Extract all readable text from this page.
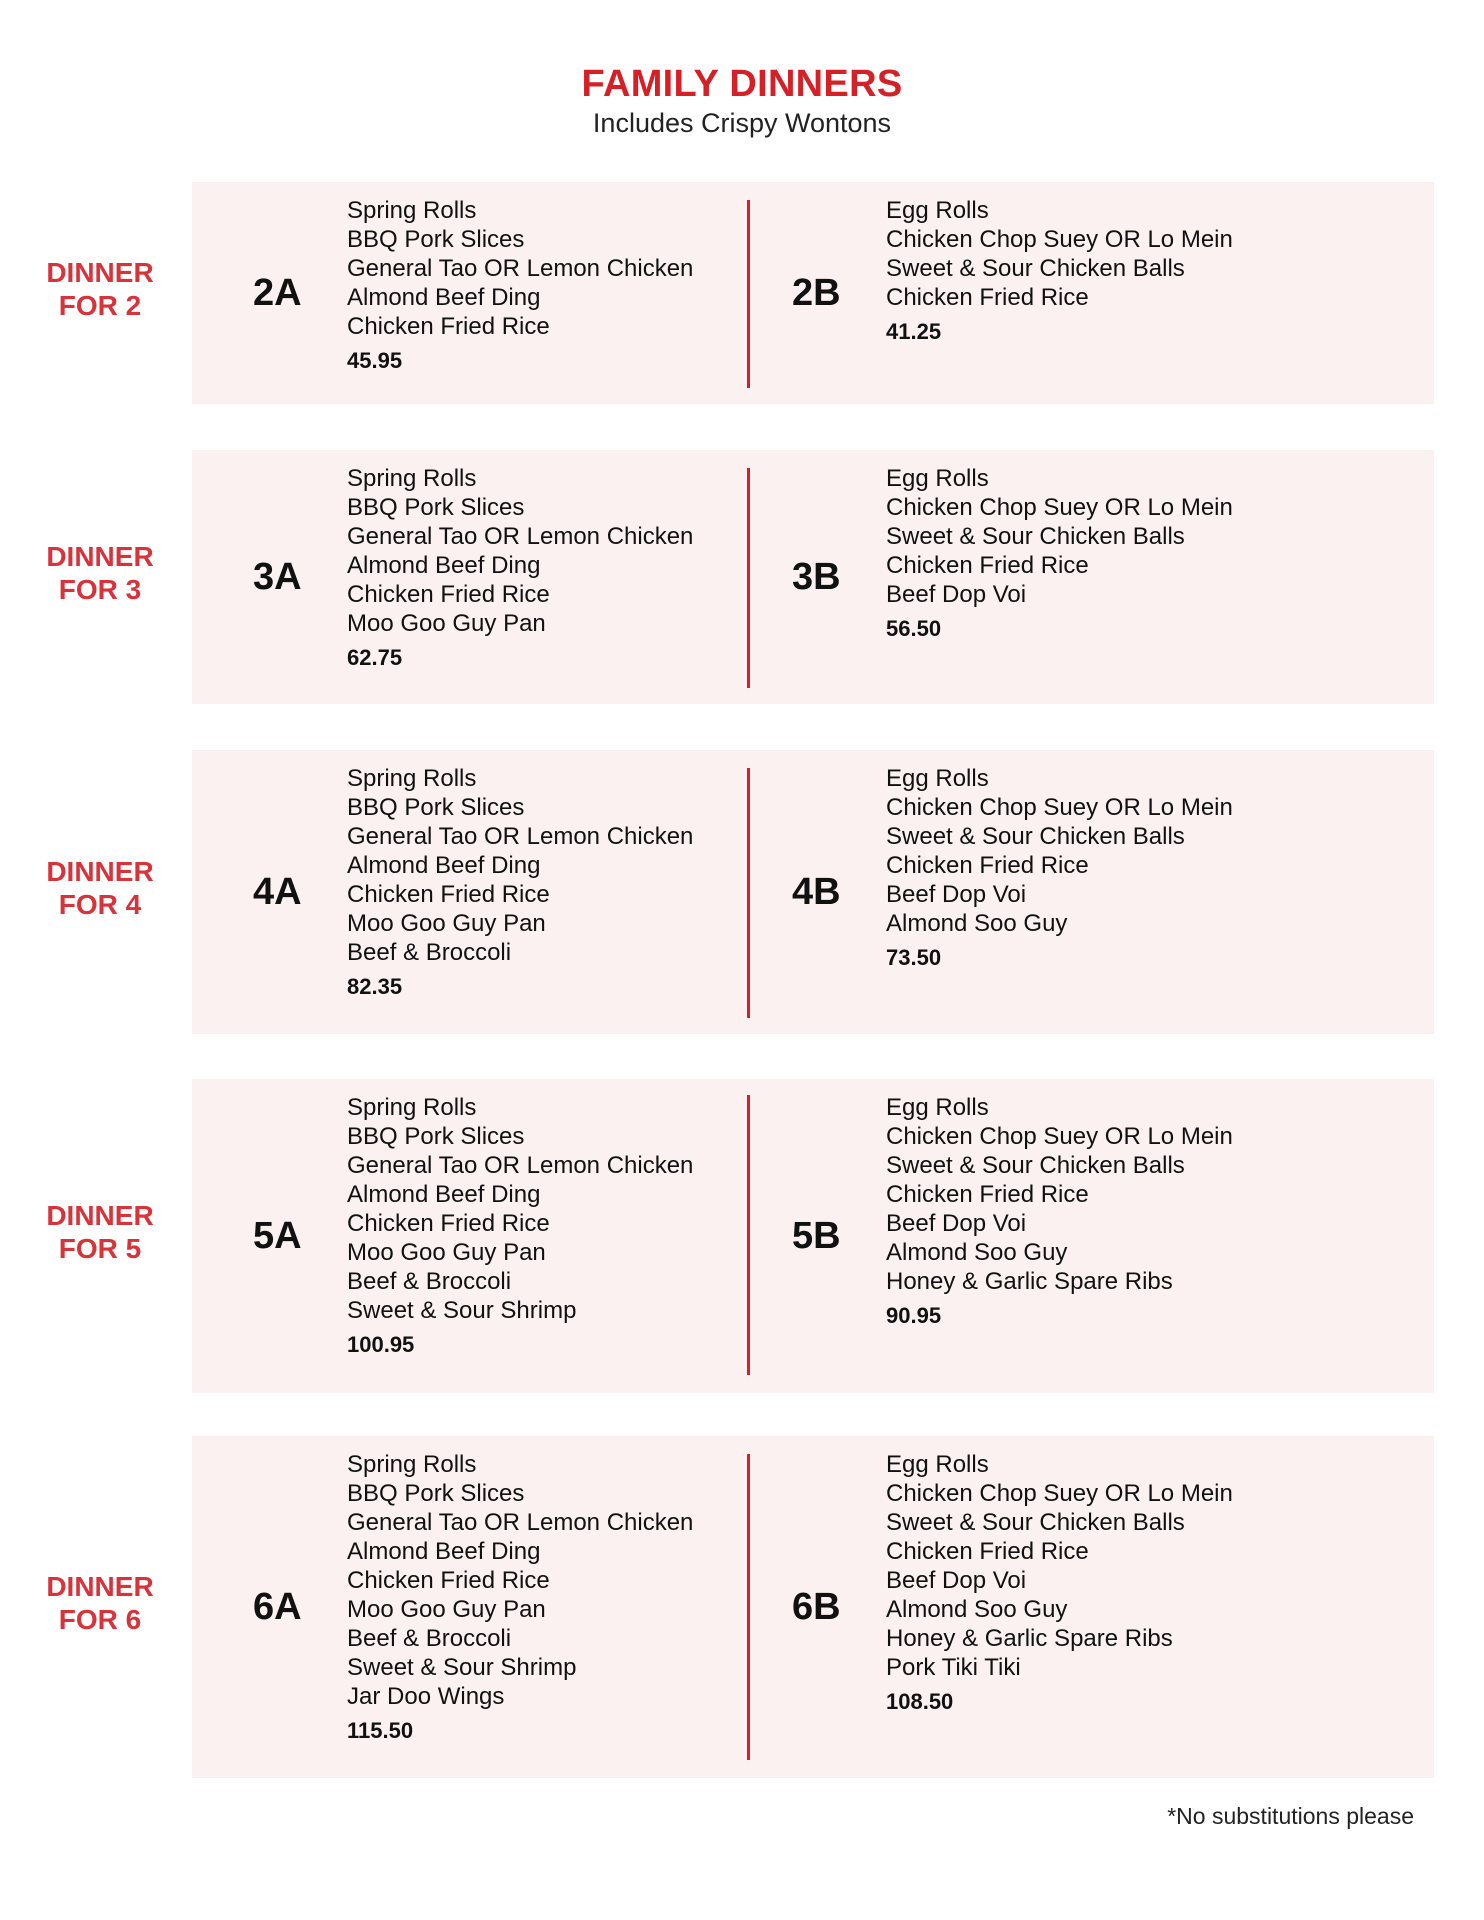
FAMILY DINNERS
Includes Crispy Wontons
DINNER
FOR 2	2A
Spring Rolls
BBQ Pork Slices
General Tao OR Lemon Chicken
Almond Beef Ding
Chicken Fried Rice
45.95
2B
Egg Rolls
Chicken Chop Suey OR Lo Mein
Sweet & Sour Chicken Balls
Chicken Fried Rice
41.25
DINNER
FOR 3	3A
Spring Rolls
BBQ Pork Slices
General Tao OR Lemon Chicken
Almond Beef Ding
Chicken Fried Rice
Moo Goo Guy Pan
62.75
3B
Egg Rolls
Chicken Chop Suey OR Lo Mein
Sweet & Sour Chicken Balls
Chicken Fried Rice
Beef Dop Voi
56.50
DINNER
FOR 4	4A
Spring Rolls
BBQ Pork Slices
General Tao OR Lemon Chicken
Almond Beef Ding
Chicken Fried Rice
Moo Goo Guy Pan
Beef & Broccoli
82.35
4B
Egg Rolls
Chicken Chop Suey OR Lo Mein
Sweet & Sour Chicken Balls
Chicken Fried Rice
Beef Dop Voi
Almond Soo Guy
73.50
DINNER
FOR 5	5A
Spring Rolls
BBQ Pork Slices
General Tao OR Lemon Chicken
Almond Beef Ding
Chicken Fried Rice
Moo Goo Guy Pan
Beef & Broccoli
Sweet & Sour Shrimp
100.95
5B
Egg Rolls
Chicken Chop Suey OR Lo Mein
Sweet & Sour Chicken Balls
Chicken Fried Rice
Beef Dop Voi
Almond Soo Guy
Honey & Garlic Spare Ribs
90.95
DINNER
FOR 6	6A
Spring Rolls
BBQ Pork Slices
General Tao OR Lemon Chicken
Almond Beef Ding
Chicken Fried Rice
Moo Goo Guy Pan
Beef & Broccoli
Sweet & Sour Shrimp
Jar Doo Wings
115.50
6B
Egg Rolls
Chicken Chop Suey OR Lo Mein
Sweet & Sour Chicken Balls
Chicken Fried Rice
Beef Dop Voi
Almond Soo Guy
Honey & Garlic Spare Ribs
Pork Tiki Tiki
108.50
*No substitutions please
